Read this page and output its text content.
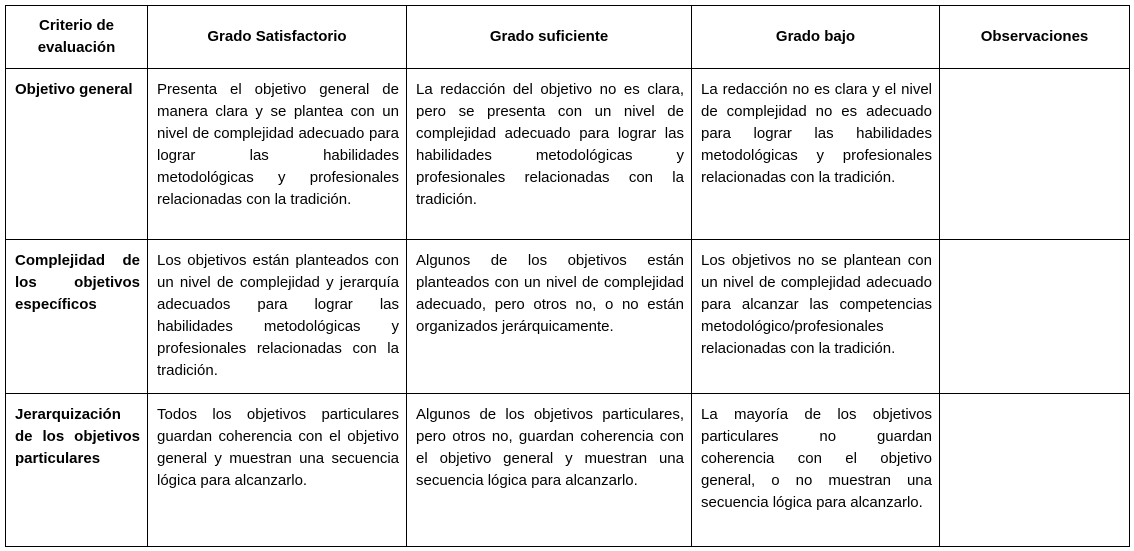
Criterio de evaluación	Grado Satisfactorio	Grado suficiente	Grado bajo	Observaciones

Objetivo general	Presenta el objetivo general de manera clara y se plantea con un nivel de complejidad adecuado para lograr las habilidades metodológicas y profesionales relacionadas con la tradición.	La redacción del objetivo no es clara, pero se presenta con un nivel de complejidad adecuado para lograr las habilidades metodológicas y profesionales relacionadas con la tradición.	La redacción no es clara y el nivel de complejidad no es adecuado para lograr las habilidades metodológicas y profesionales relacionadas con la tradición.	

Complejidad de los objetivos específicos	Los objetivos están planteados con un nivel de complejidad y jerarquía adecuados para lograr las habilidades metodológicas y profesionales relacionadas con la tradición.	Algunos de los objetivos están planteados con un nivel de complejidad adecuado, pero otros no, o no están organizados jerárquicamente.	Los objetivos no se plantean con un nivel de complejidad adecuado para alcanzar las competencias metodológico/profesionales relacionadas con la tradición.	

Jerarquización de los objetivos particulares	Todos los objetivos particulares guardan coherencia con el objetivo general y muestran una secuencia lógica para alcanzarlo.	Algunos de los objetivos particulares, pero otros no, guardan coherencia con el objetivo general y muestran una secuencia lógica para alcanzarlo.	La mayoría de los objetivos particulares no guardan coherencia con el objetivo general, o no muestran una secuencia lógica para alcanzarlo.	
